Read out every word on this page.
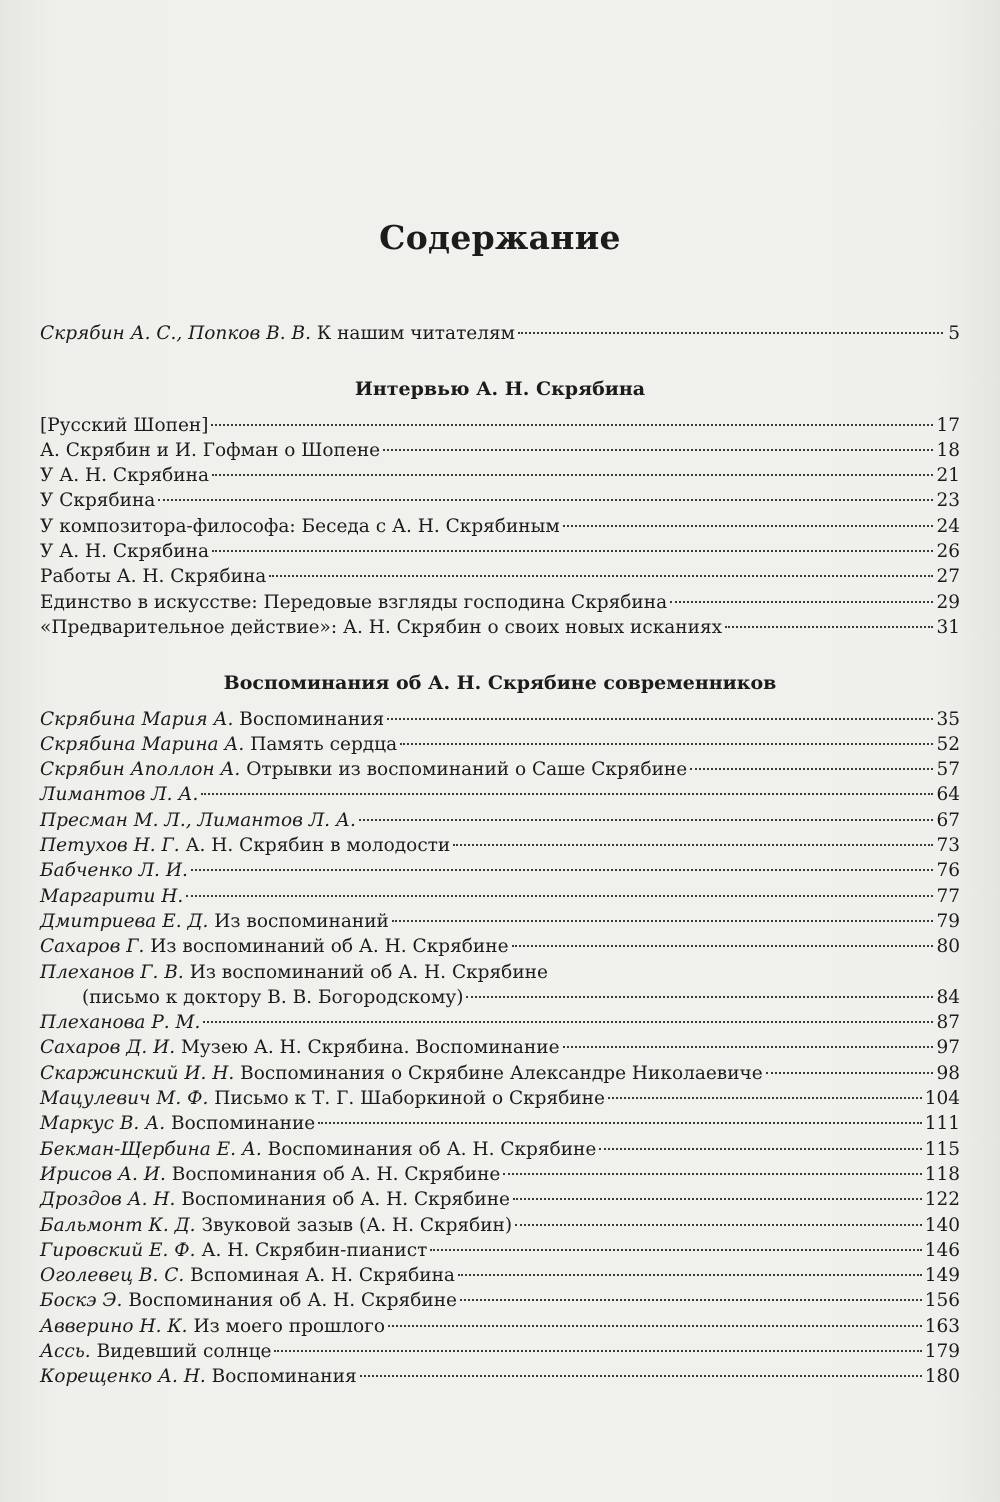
Содержание
Скрябин А. С., Попков В. В. К нашим читателям	5
Интервью А. Н. Скрябина
[Русский Шопен]	17
А. Скрябин и И. Гофман о Шопене	18
У А. Н. Скрябина	21
У Скрябина	23
У композитора-философа: Беседа с А. Н. Скрябиным	24
У А. Н. Скрябина	26
Работы А. Н. Скрябина	27
Единство в искусстве: Передовые взгляды господина Скрябина	29
«Предварительное действие»: А. Н. Скрябин о своих новых исканиях	31
Воспоминания об А. Н. Скрябине современников
Скрябина Мария А. Воспоминания	35
Скрябина Марина А. Память сердца	52
Скрябин Аполлон А. Отрывки из воспоминаний о Саше Скрябине	57
Лимантов Л. А.	64
Пресман М. Л., Лимантов Л. А.	67
Петухов Н. Г. А. Н. Скрябин в молодости	73
Бабченко Л. И.	76
Маргарити Н.	77
Дмитриева Е. Д. Из воспоминаний	79
Сахаров Г. Из воспоминаний об А. Н. Скрябине	80
Плеханов Г. В. Из воспоминаний об А. Н. Скрябине
(письмо к доктору В. В. Богородскому)	84
Плеханова Р. М.	87
Сахаров Д. И. Музею А. Н. Скрябина. Воспоминание	97
Скаржинский И. Н. Воспоминания о Скрябине Александре Николаевиче	98
Мацулевич М. Ф. Письмо к Т. Г. Шаборкиной о Скрябине	104
Маркус В. А. Воспоминание	111
Бекман-Щербина Е. А. Воспоминания об А. Н. Скрябине	115
Ирисов А. И. Воспоминания об А. Н. Скрябине	118
Дроздов А. Н. Воспоминания об А. Н. Скрябине	122
Бальмонт К. Д. Звуковой зазыв (А. Н. Скрябин)	140
Гировский Е. Ф. А. Н. Скрябин-пианист	146
Оголевец В. С. Вспоминая А. Н. Скрябина	149
Боскэ Э. Воспоминания об А. Н. Скрябине	156
Авверино Н. К. Из моего прошлого	163
Ассь. Видевший солнце	179
Корещенко А. Н. Воспоминания	180
